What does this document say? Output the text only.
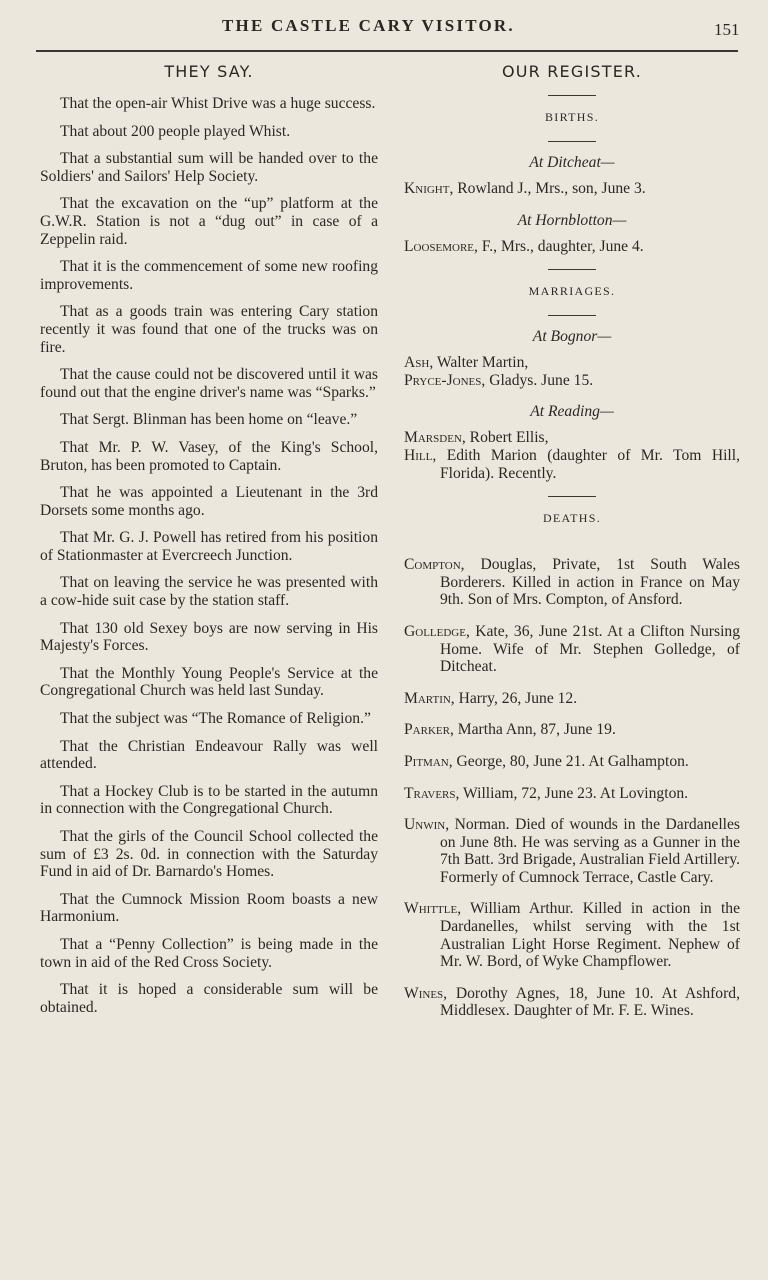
THE CASTLE CARY VISITOR.	151
THEY SAY.

That the open-air Whist Drive was a huge success.

That about 200 people played Whist.

That a substantial sum will be handed over to the Soldiers' and Sailors' Help Society.

That the excavation on the “up” platform at the G.W.R. Station is not a “dug out” in case of a Zeppelin raid.

That it is the commencement of some new roofing improvements.

That as a goods train was entering Cary station recently it was found that one of the trucks was on fire.

That the cause could not be discovered until it was found out that the engine driver's name was “Sparks.”

That Sergt. Blinman has been home on “leave.”

That Mr. P. W. Vasey, of the King's School, Bruton, has been promoted to Captain.

That he was appointed a Lieutenant in the 3rd Dorsets some months ago.

That Mr. G. J. Powell has retired from his position of Stationmaster at Evercreech Junction.

That on leaving the service he was presented with a cow-hide suit case by the station staff.

That 130 old Sexey boys are now serving in His Majesty's Forces.

That the Monthly Young People's Service at the Congregational Church was held last Sunday.

That the subject was “The Romance of Religion.”

That the Christian Endeavour Rally was well attended.

That a Hockey Club is to be started in the autumn in connection with the Congregational Church.

That the girls of the Council School collected the sum of £3 2s. 0d. in connection with the Saturday Fund in aid of Dr. Barnardo's Homes.

That the Cumnock Mission Room boasts a new Harmonium.

That a “Penny Collection” is being made in the town in aid of the Red Cross Society.

That it is hoped a considerable sum will be obtained.

OUR REGISTER.
BIRTHS.
At Ditcheat—
Knight, Rowland J., Mrs., son, June 3.
At Hornblotton—
Loosemore, F., Mrs., daughter, June 4.
MARRIAGES.
At Bognor—
Ash, Walter Martin,
Pryce-Jones, Gladys. June 15.
At Reading—
Marsden, Robert Ellis,
Hill, Edith Marion (daughter of Mr. Tom Hill, Florida). Recently.
DEATHS.
Compton, Douglas, Private, 1st South Wales Borderers. Killed in action in France on May 9th. Son of Mrs. Compton, of Ansford.
Golledge, Kate, 36, June 21st. At a Clifton Nursing Home. Wife of Mr. Stephen Golledge, of Ditcheat.
Martin, Harry, 26, June 12.
Parker, Martha Ann, 87, June 19.
Pitman, George, 80, June 21. At Galhampton.
Travers, William, 72, June 23. At Lovington.
Unwin, Norman. Died of wounds in the Dardanelles on June 8th. He was serving as a Gunner in the 7th Batt. 3rd Brigade, Australian Field Artillery. Formerly of Cumnock Terrace, Castle Cary.
Whittle, William Arthur. Killed in action in the Dardanelles, whilst serving with the 1st Australian Light Horse Regiment. Nephew of Mr. W. Bord, of Wyke Champflower.
Wines, Dorothy Agnes, 18, June 10. At Ashford, Middlesex. Daughter of Mr. F. E. Wines.
